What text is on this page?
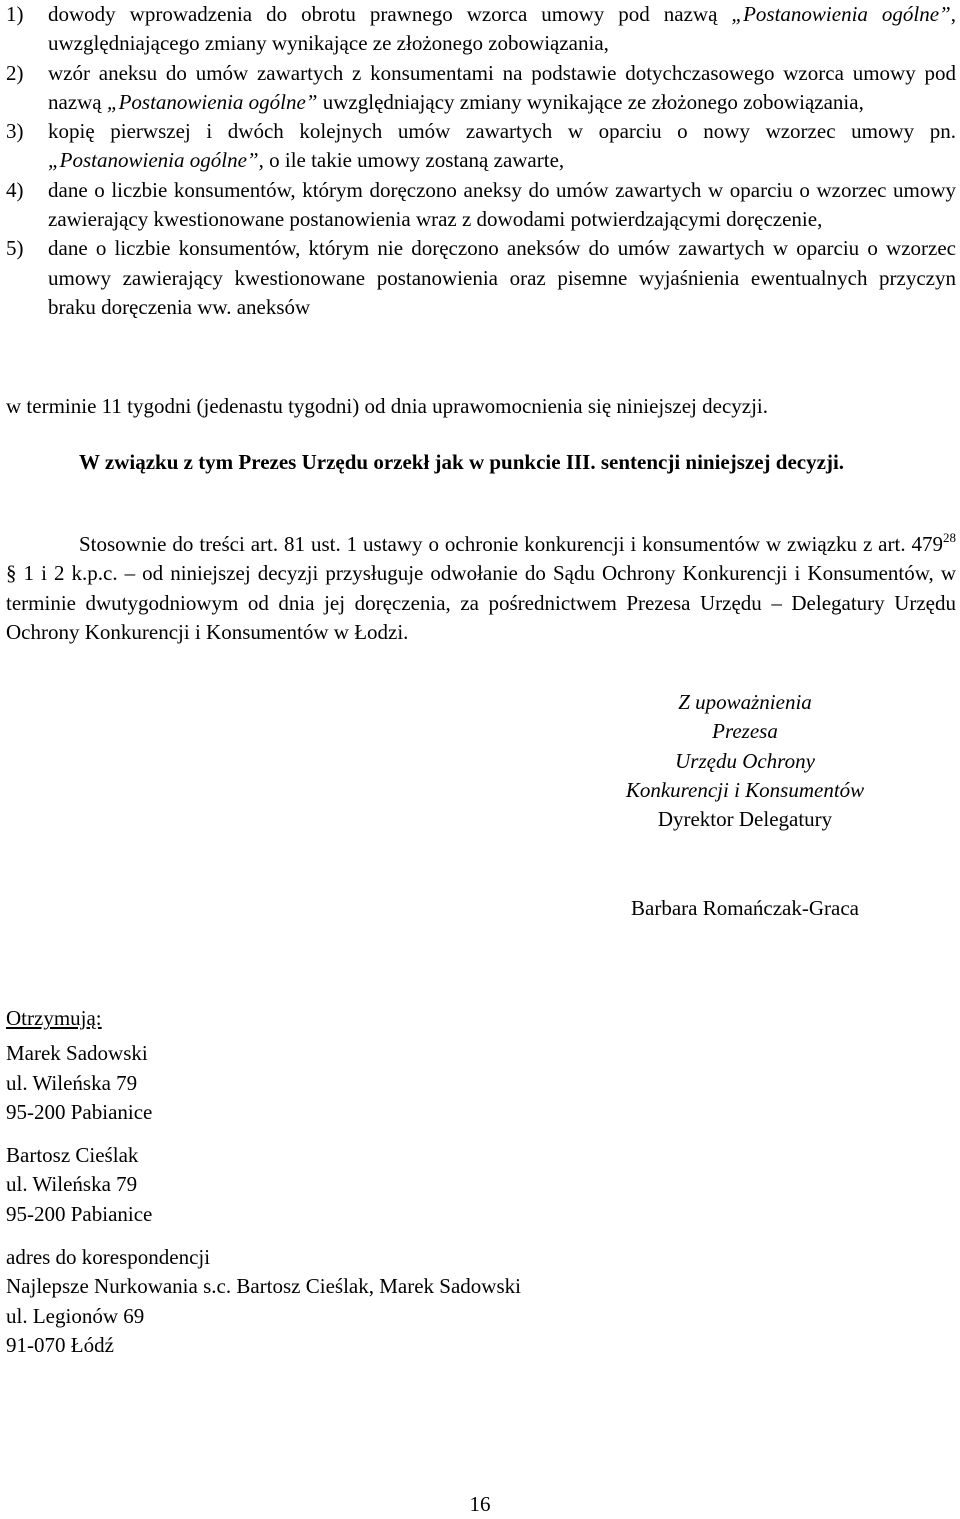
1) dowody wprowadzenia do obrotu prawnego wzorca umowy pod nazwą „Postanowienia ogólne”, uwzględniającego zmiany wynikające ze złożonego zobowiązania,
2) wzór aneksu do umów zawartych z konsumentami na podstawie dotychczasowego wzorca umowy pod nazwą „Postanowienia ogólne” uwzględniający zmiany wynikające ze złożonego zobowiązania,
3) kopię pierwszej i dwóch kolejnych umów zawartych w oparciu o nowy wzorzec umowy pn. „Postanowienia ogólne”, o ile takie umowy zostaną zawarte,
4) dane o liczbie konsumentów, którym doręczono aneksy do umów zawartych w oparciu o wzorzec umowy zawierający kwestionowane postanowienia wraz z dowodami potwierdzającymi doręczenie,
5) dane o liczbie konsumentów, którym nie doręczono aneksów do umów zawartych w oparciu o wzorzec umowy zawierający kwestionowane postanowienia oraz pisemne wyjaśnienia ewentualnych przyczyn braku doręczenia ww. aneksów

w terminie 11 tygodni (jedenastu tygodni) od dnia uprawomocnienia się niniejszej decyzji.

W związku z tym Prezes Urzędu orzekł jak w punkcie III. sentencji niniejszej decyzji.

Stosownie do treści art. 81 ust. 1 ustawy o ochronie konkurencji i konsumentów w związku z art. $479^{28}$ § 1 i 2 k.p.c. – od niniejszej decyzji przysługuje odwołanie do Sądu Ochrony Konkurencji i Konsumentów, w terminie dwutygodniowym od dnia jej doręczenia, za pośrednictwem Prezesa Urzędu – Delegatury Urzędu Ochrony Konkurencji i Konsumentów w Łodzi.

Z upoważnienia
Prezesa
Urzędu Ochrony
Konkurencji i Konsumentów
Dyrektor Delegatury
Barbara Romańczak-Graca
Otrzymują:
Marek Sadowski
ul. Wileńska 79
95-200 Pabianice
Bartosz Cieślak
ul. Wileńska 79
95-200 Pabianice
adres do korespondencji
Najlepsze Nurkowania s.c. Bartosz Cieślak, Marek Sadowski
ul. Legionów 69
91-070 Łódź
16
